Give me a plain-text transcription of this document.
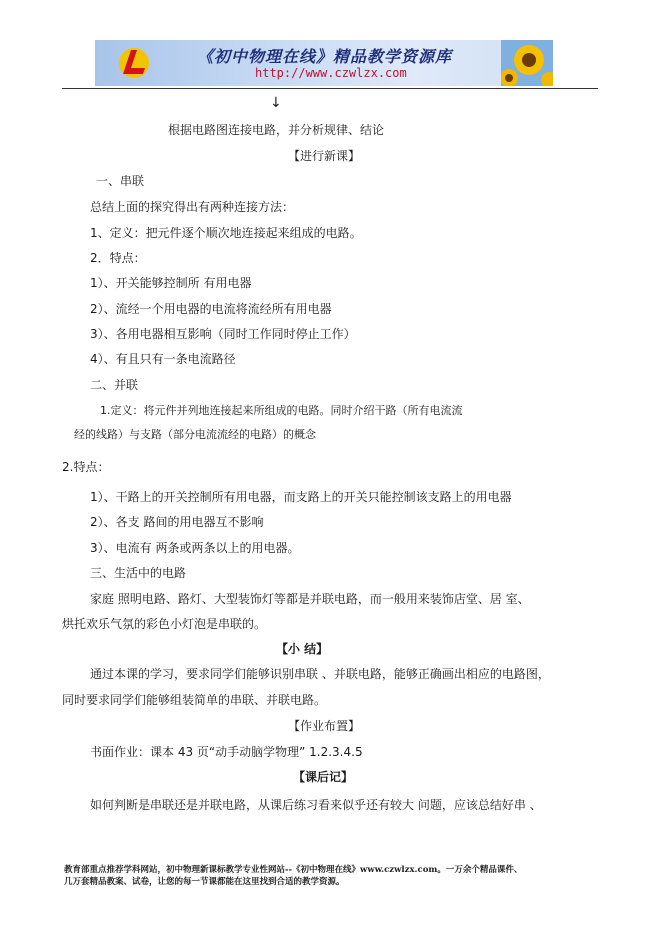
《初中物理在线》精品教学资源库
http://www.czwlzx.com
↓
根据电路图连接电路，并分析规律、结论
【进行新课】
一、串联
总结上面的探究得出有两种连接方法：
1、定义：把元件逐个顺次地连接起来组成的电路。
2．特点：
1）、开关能够控制所 有用电器
2）、流经一个用电器的电流将流经所有用电器
3）、各用电器相互影响（同时工作同时停止工作）
4）、有且只有一条电流路径
二、并联
1.定义：将元件并列地连接起来所组成的电路。同时介绍干路（所有电流流
经的线路）与支路（部分电流流经的电路）的概念
2.特点：
1）、干路上的开关控制所有用电器，而支路上的开关只能控制该支路上的用电器
2）、各支 路间的用电器互不影响
3）、电流有 两条或两条以上的用电器。
三、生活中的电路
家庭 照明电路、路灯、大型装饰灯等都是并联电路，而一般用来装饰店堂、居 室、
烘托欢乐气氛的彩色小灯泡是串联的。
【小 结】
通过本课的学习，要求同学们能够识别串联 、并联电路，能够正确画出相应的电路图，
同时要求同学们能够组装简单的串联、并联电路。
【作业布置】
书面作业：课本 43 页“动手动脑学物理” 1.2.3.4.5
【课后记】
如何判断是串联还是并联电路，从课后练习看来似乎还有较大 问题，应该总结好串 、
教育部重点推荐学科网站，初中物理新课标教学专业性网站--《初中物理在线》www.czwlzx.com。一万余个精品课件、
几万套精品教案、试卷，让您的每一节课都能在这里找到合适的教学资源。
